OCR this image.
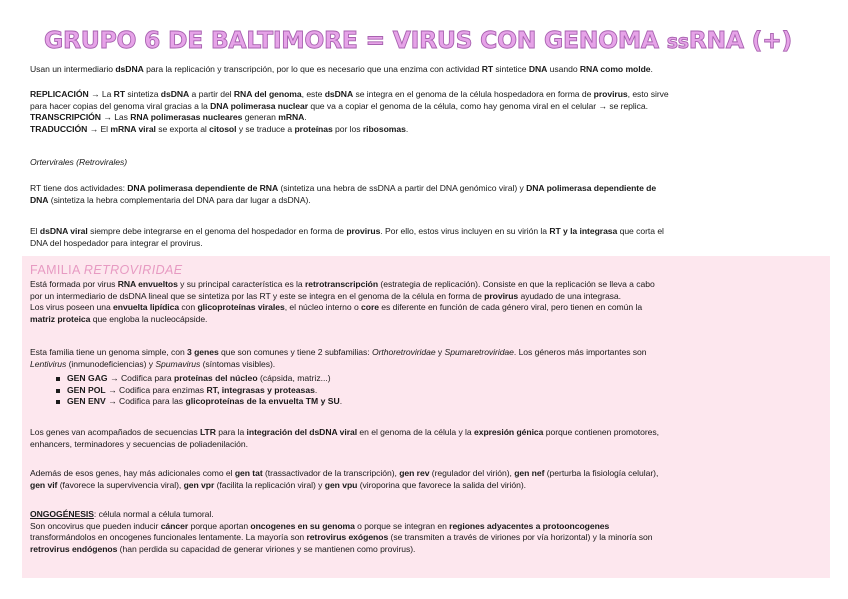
GRUPO 6 DE BALTIMORE = VIRUS CON GENOMA ssRNA (+)

Usan un intermediario dsDNA para la replicación y transcripción, por lo que es necesario que una enzima con actividad RT sintetice DNA usando RNA como molde.

REPLICACIÓN → La RT sintetiza dsDNA a partir del RNA del genoma, este dsDNA se integra en el genoma de la célula hospedadora en forma de provirus, esto sirve
para hacer copias del genoma viral gracias a la DNA polimerasa nuclear que va a copiar el genoma de la célula, como hay genoma viral en el celular → se replica.
TRANSCRIPCIÓN → Las RNA polimerasas nucleares generan mRNA.
TRADUCCIÓN → El mRNA viral se exporta al citosol y se traduce a proteínas por los ribosomas.

Ortervirales (Retrovirales)

RT tiene dos actividades: DNA polimerasa dependiente de RNA (sintetiza una hebra de ssDNA a partir del DNA genómico viral) y DNA polimerasa dependiente de
DNA (sintetiza la hebra complementaria del DNA para dar lugar a dsDNA).

El dsDNA viral siempre debe integrarse en el genoma del hospedador en forma de provirus. Por ello, estos virus incluyen en su virión la RT y la integrasa que corta el
DNA del hospedador para integrar el provirus.

FAMILIA RETROVIRIDAE

Está formada por virus RNA envueltos y su principal característica es la retrotranscripción (estrategia de replicación). Consiste en que la replicación se lleva a cabo
por un intermediario de dsDNA lineal que se sintetiza por las RT y este se integra en el genoma de la célula en forma de provirus ayudado de una integrasa.
Los virus poseen una envuelta lipídica con glicoproteínas virales, el núcleo interno o core es diferente en función de cada género viral, pero tienen en común la
matriz proteica que engloba la nucleocápside.

Esta familia tiene un genoma simple, con 3 genes que son comunes y tiene 2 subfamilias: Orthoretroviridae y Spumaretroviridae. Los géneros más importantes son
Lentivirus (inmunodeficiencias) y Spumavirus (síntomas visibles).

GEN GAG → Codifica para proteínas del núcleo (cápsida, matriz...)
GEN POL → Codifica para enzimas RT, integrasas y proteasas.
GEN ENV → Codifica para las glicoproteínas de la envuelta TM y SU.

Los genes van acompañados de secuencias LTR para la integración del dsDNA viral en el genoma de la célula y la expresión génica porque contienen promotores,
enhancers, terminadores y secuencias de poliadenilación.

Además de esos genes, hay más adicionales como el gen tat (trassactivador de la transcripción), gen rev (regulador del virión), gen nef (perturba la fisiología celular),
gen vif (favorece la supervivencia viral), gen vpr (facilita la replicación viral) y gen vpu (viroporina que favorece la salida del virión).

ONGOGÉNESIS: célula normal a célula tumoral.
Son oncovirus que pueden inducir cáncer porque aportan oncogenes en su genoma o porque se integran en regiones adyacentes a protooncogenes
transformándolos en oncogenes funcionales lentamente. La mayoría son retrovirus exógenos (se transmiten a través de viriones por vía horizontal) y la minoría son
retrovirus endógenos (han perdida su capacidad de generar viriones y se mantienen como provirus).
